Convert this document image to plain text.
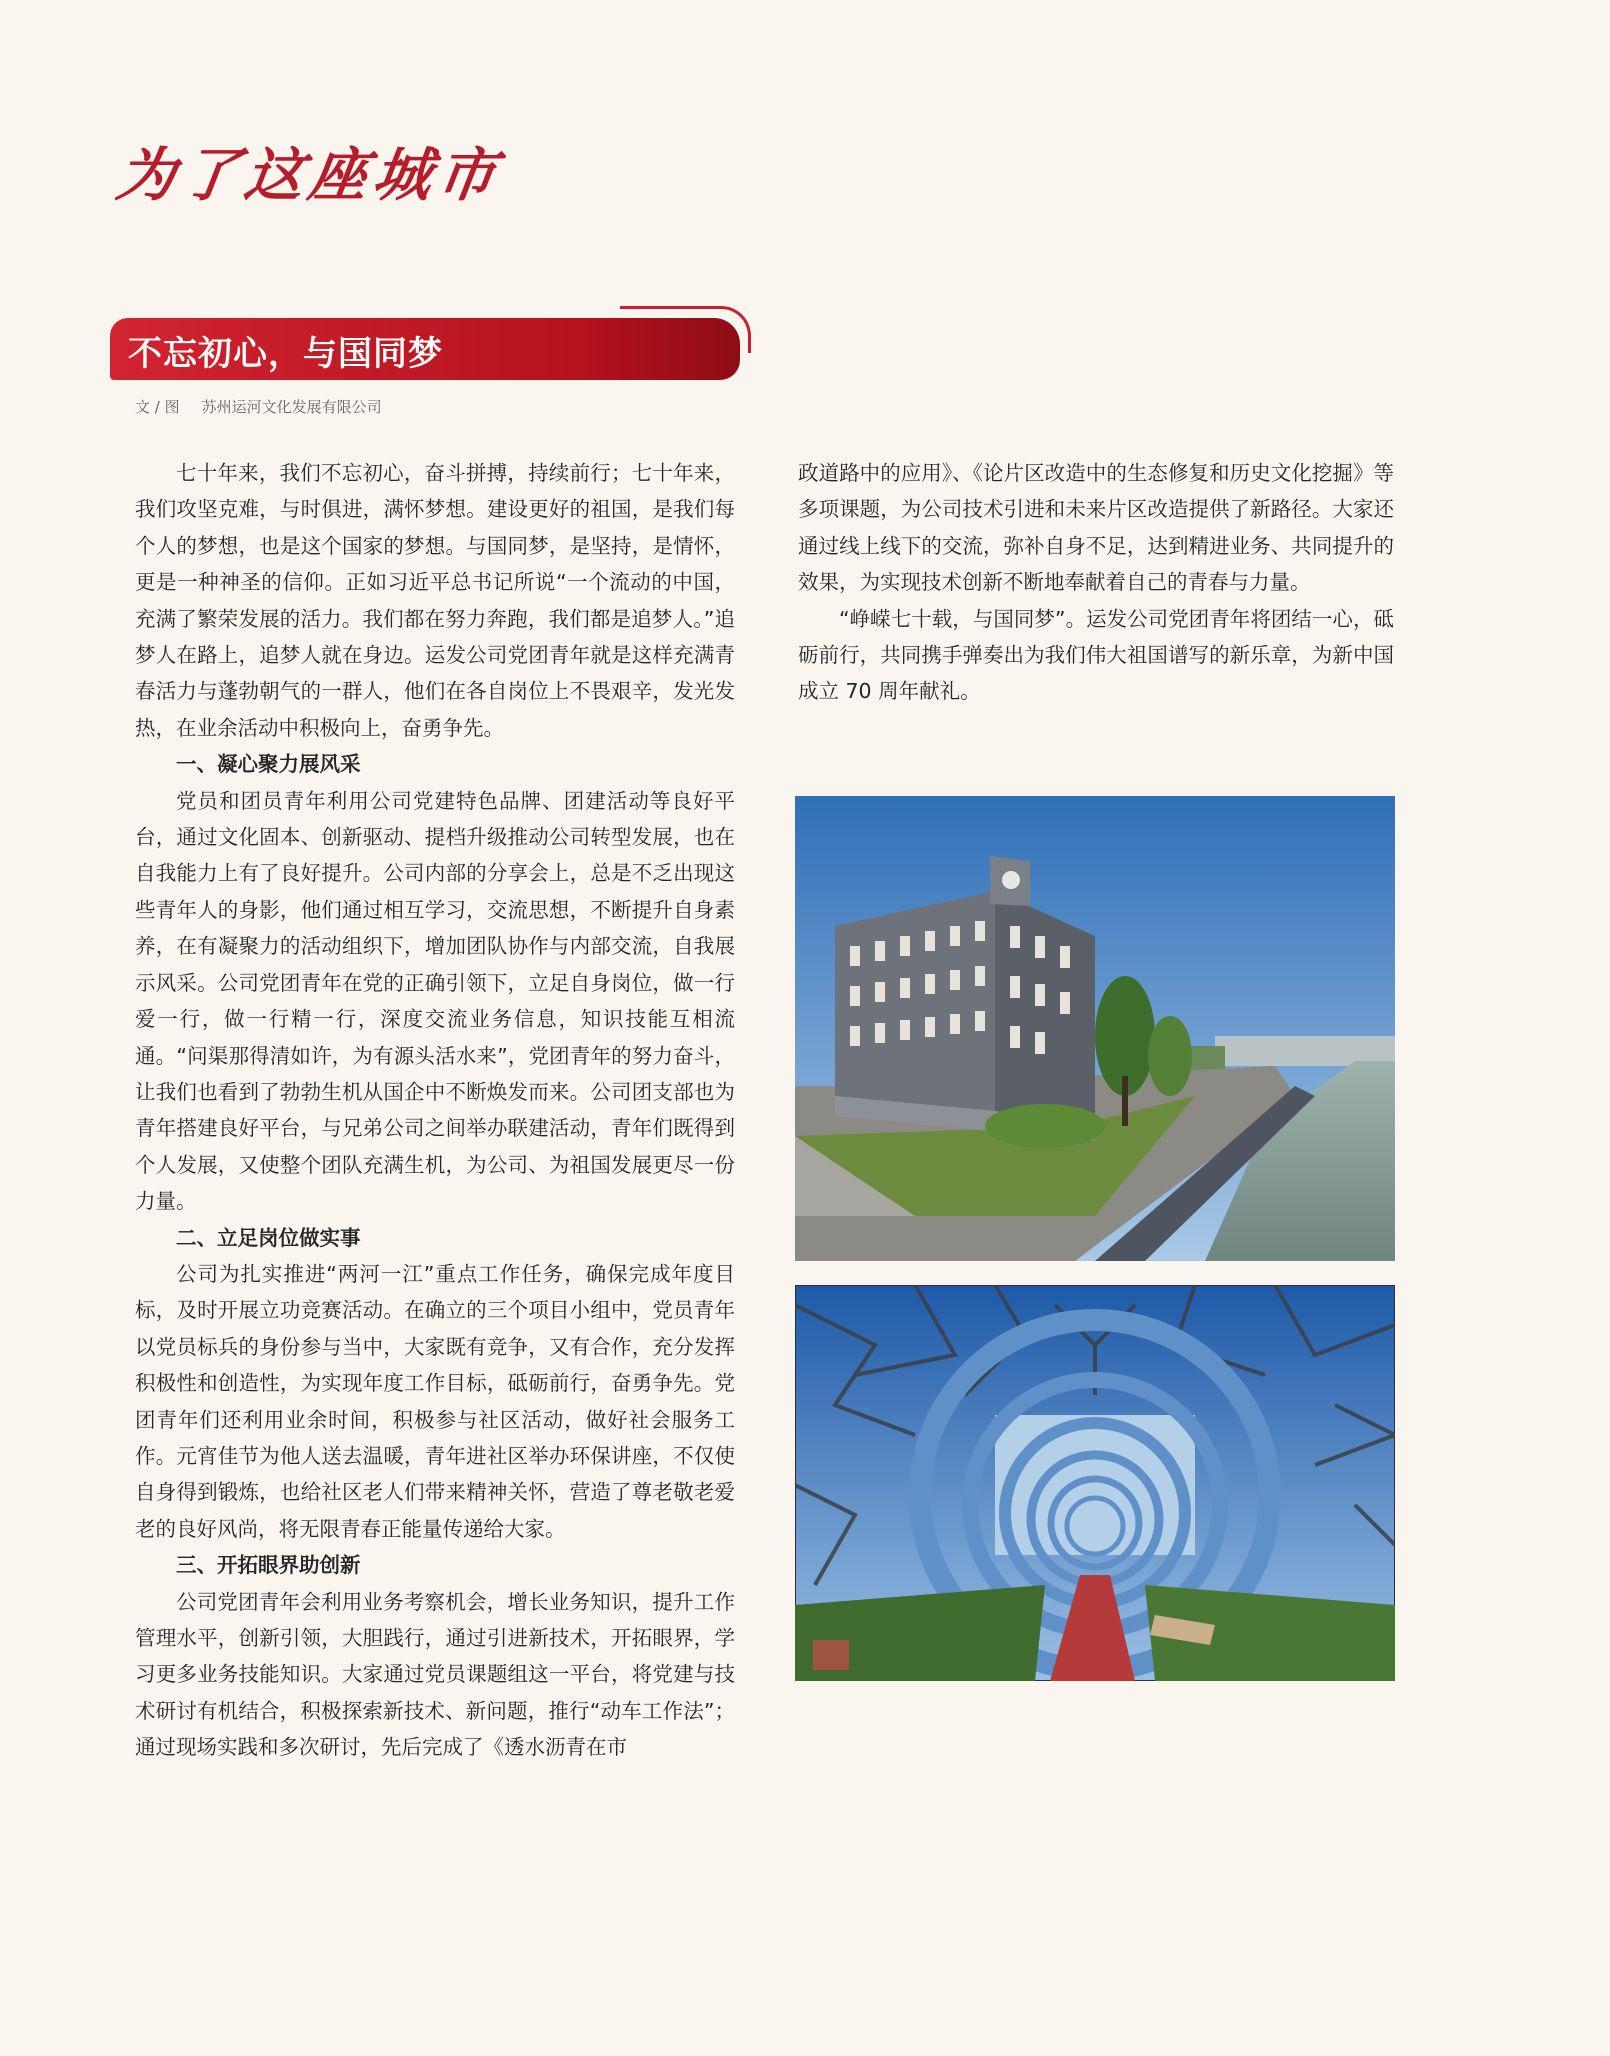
为了这座城市
不忘初心，与国同梦
文 / 图 苏州运河文化发展有限公司

七十年来，我们不忘初心，奋斗拼搏，持续前行；七十年来，我们攻坚克难，与时俱进，满怀梦想。建设更好的祖国，是我们每个人的梦想，也是这个国家的梦想。与国同梦，是坚持，是情怀，更是一种神圣的信仰。正如习近平总书记所说“一个流动的中国，充满了繁荣发展的活力。我们都在努力奔跑，我们都是追梦人。”追梦人在路上，追梦人就在身边。运发公司党团青年就是这样充满青春活力与蓬勃朝气的一群人，他们在各自岗位上不畏艰辛，发光发热，在业余活动中积极向上，奋勇争先。

一、凝心聚力展风采

党员和团员青年利用公司党建特色品牌、团建活动等良好平台，通过文化固本、创新驱动、提档升级推动公司转型发展，也在自我能力上有了良好提升。公司内部的分享会上，总是不乏出现这些青年人的身影，他们通过相互学习，交流思想，不断提升自身素养，在有凝聚力的活动组织下，增加团队协作与内部交流，自我展示风采。公司党团青年在党的正确引领下，立足自身岗位，做一行爱一行，做一行精一行，深度交流业务信息，知识技能互相流通。“问渠那得清如许，为有源头活水来”，党团青年的努力奋斗，让我们也看到了勃勃生机从国企中不断焕发而来。公司团支部也为青年搭建良好平台，与兄弟公司之间举办联建活动，青年们既得到个人发展，又使整个团队充满生机，为公司、为祖国发展更尽一份力量。

二、立足岗位做实事

公司为扎实推进“两河一江”重点工作任务，确保完成年度目标，及时开展立功竞赛活动。在确立的三个项目小组中，党员青年以党员标兵的身份参与当中，大家既有竞争，又有合作，充分发挥积极性和创造性，为实现年度工作目标，砥砺前行，奋勇争先。党团青年们还利用业余时间，积极参与社区活动，做好社会服务工作。元宵佳节为他人送去温暖，青年进社区举办环保讲座，不仅使自身得到锻炼，也给社区老人们带来精神关怀，营造了尊老敬老爱老的良好风尚，将无限青春正能量传递给大家。

三、开拓眼界助创新

公司党团青年会利用业务考察机会，增长业务知识，提升工作管理水平，创新引领，大胆践行，通过引进新技术，开拓眼界，学习更多业务技能知识。大家通过党员课题组这一平台，将党建与技术研讨有机结合，积极探索新技术、新问题，推行“动车工作法”；通过现场实践和多次研讨，先后完成了《透水沥青在市

政道路中的应用》、《论片区改造中的生态修复和历史文化挖掘》等多项课题，为公司技术引进和未来片区改造提供了新路径。大家还通过线上线下的交流，弥补自身不足，达到精进业务、共同提升的效果，为实现技术创新不断地奉献着自己的青春与力量。

“峥嵘七十载，与国同梦”。运发公司党团青年将团结一心，砥砺前行，共同携手弹奏出为我们伟大祖国谱写的新乐章，为新中国成立 70 周年献礼。
